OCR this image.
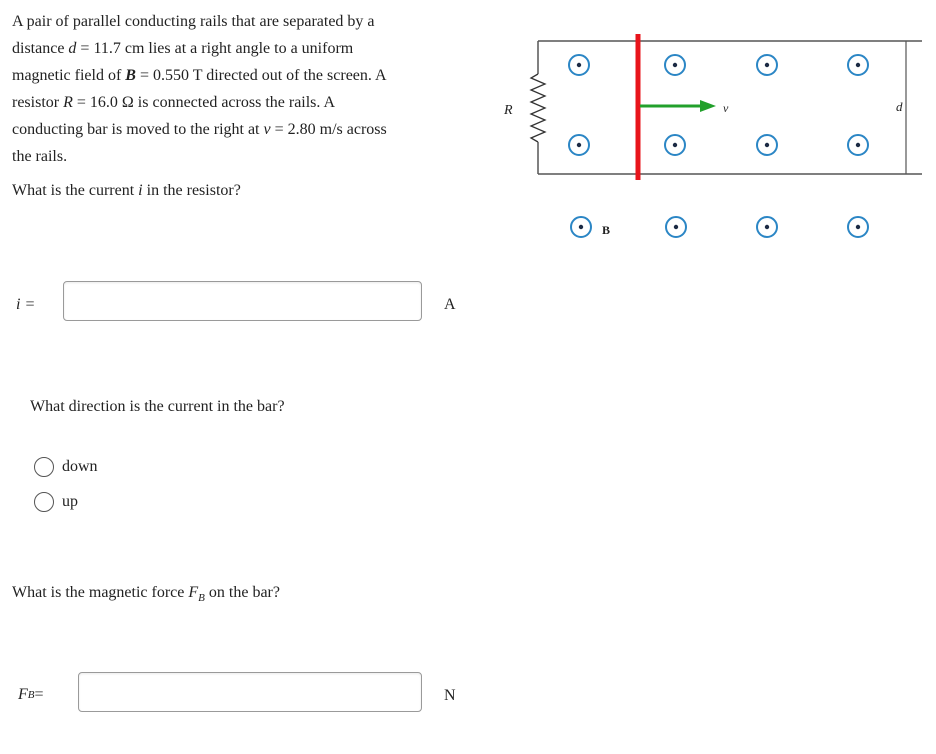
A pair of parallel conducting rails that are separated by a

distance d = 11.7 cm lies at a right angle to a uniform

magnetic field of B = 0.550 T directed out of the screen. A

resistor R = 16.0 Ω is connected across the rails. A

conducting bar is moved to the right at v = 2.80 m/s across

the rails.

What is the current i in the resistor?
i =	A
What direction is the current in the bar?
down
up
What is the magnetic force $F_B$ on the bar?
F B =	N
R	d
B
v
